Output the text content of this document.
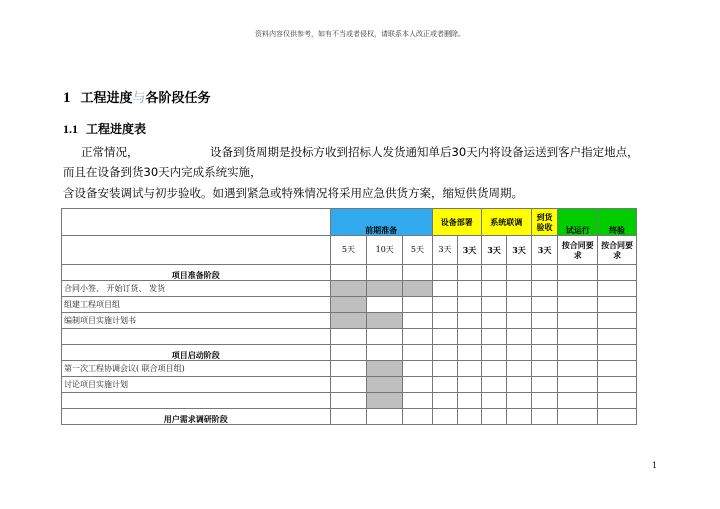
资料内容仅供参考，如有不当或者侵权，请联系本人改正或者删除。
1 工程进度与各阶段任务
1.1 工程进度表
正常情况，	设备到货周期是投标方收到招标人发货通知单后30天内将设备运送到客户指定地点，
而且在设备到货30天内完成系统实施，
含设备安装调试与初步验收。如遇到紧急或特殊情况将采用应急供货方案，缩短供货周期。
	前期准备			设备部署		系统联调		到货验收	试运行	终验
	5天	10天	5天	3天	3天	3天	3天	3天	按合同要求	按合同要求
项目准备阶段										
合同小签、 开始订货、 发货										
组建工程项目组										
编制项目实施计划书										

项目启动阶段										
第一次工程协调会议( 联合项目组)										
讨论项目实施计划										

用户需求调研阶段										
1
